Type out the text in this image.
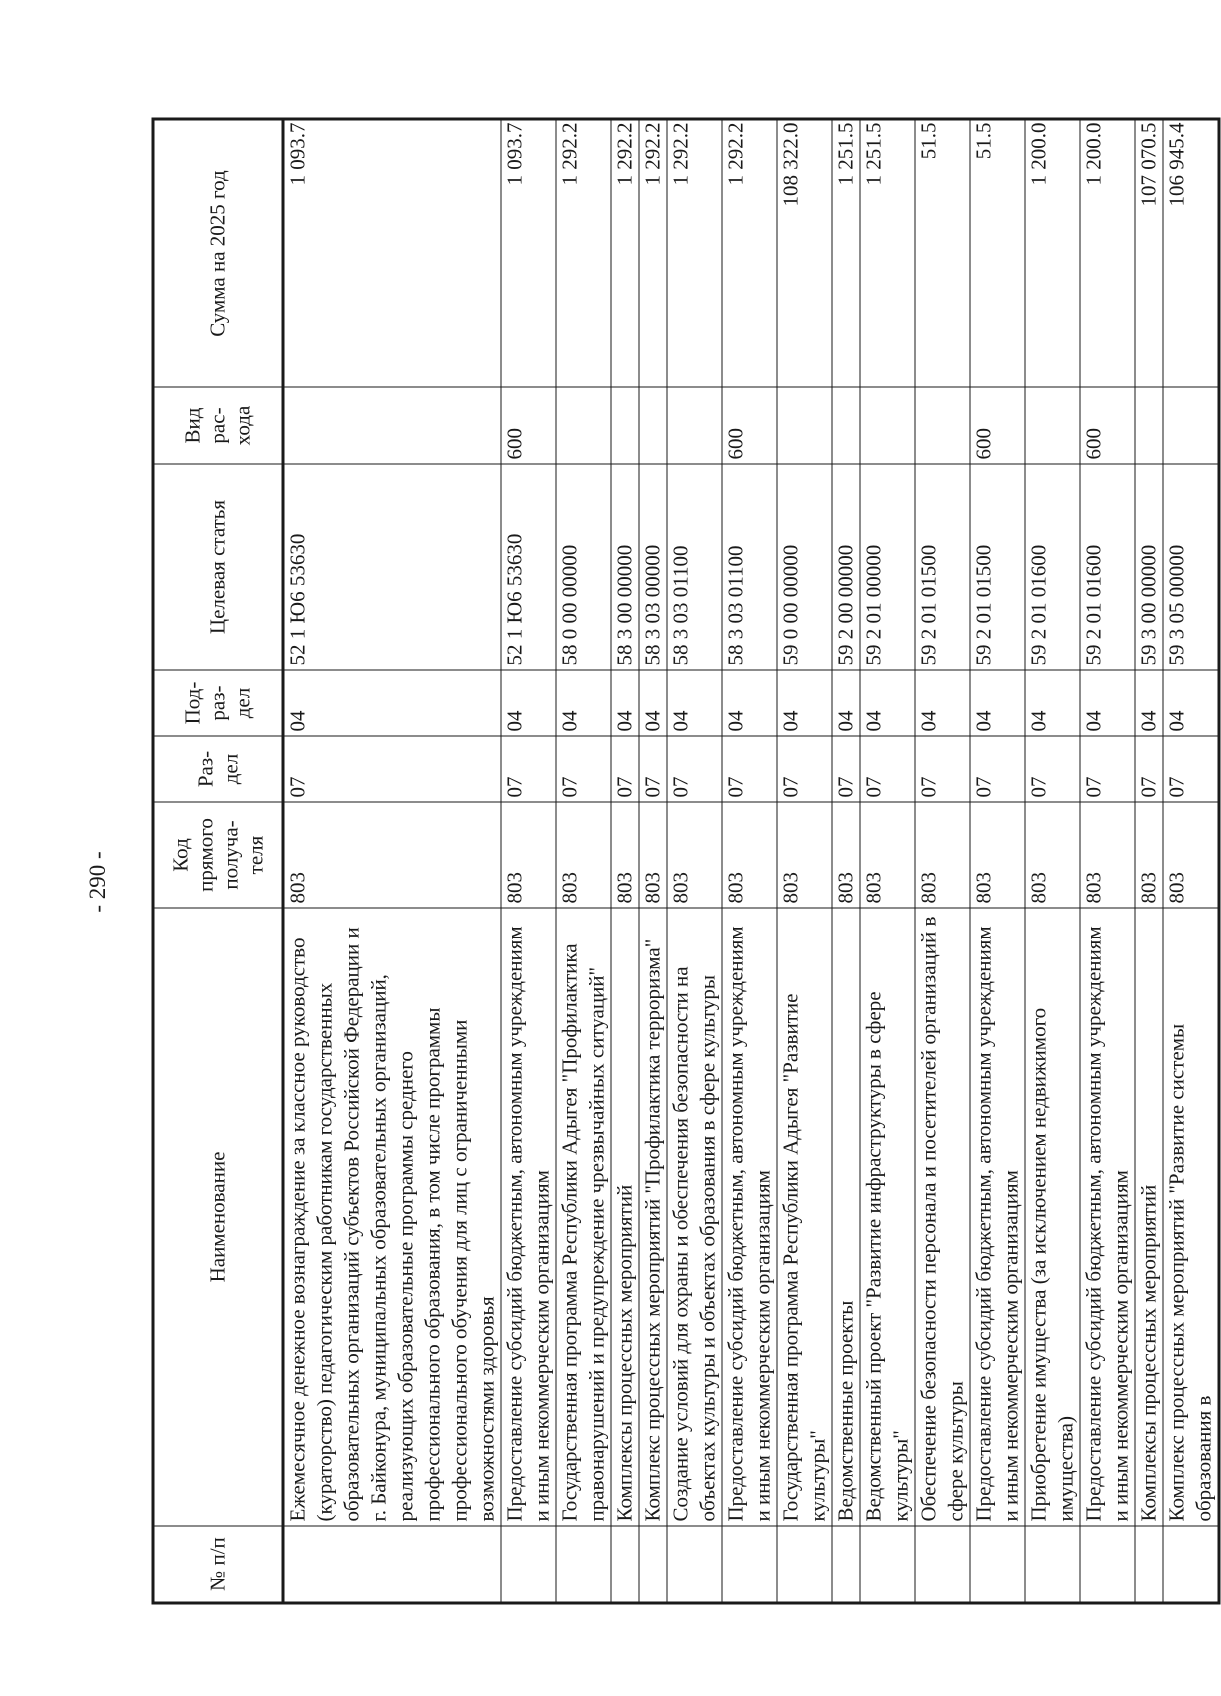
- 290 -
№ п/п	Наименование	Код прямого получа-теля	Раз-дел	Под-раз-дел	Целевая статья	Вид рас-хода	Сумма на 2025 год
	Ежемесячное денежное вознаграждение за классное руководство (кураторство) педагогическим работникам государственных образовательных организаций субъектов Российской Федерации и г. Байконура, муниципальных образовательных организаций, реализующих образовательные программы среднего профессионального образования, в том числе программы профессионального обучения для лиц с ограниченными возможностями здоровья	803	07	04	52 1 Ю6 53630		1 093.7
	Предоставление субсидий бюджетным, автономным учреждениям и иным некоммерческим организациям	803	07	04	52 1 Ю6 53630	600	1 093.7
	Государственная программа Республики Адыгея "Профилактика правонарушений и предупреждение чрезвычайных ситуаций"	803	07	04	58 0 00 00000		1 292.2
	Комплексы процессных мероприятий	803	07	04	58 3 00 00000		1 292.2
	Комплекс процессных мероприятий "Профилактика терроризма"	803	07	04	58 3 03 00000		1 292.2
	Создание условий для охраны и обеспечения безопасности на объектах культуры и объектах образования в сфере культуры	803	07	04	58 3 03 01100		1 292.2
	Предоставление субсидий бюджетным, автономным учреждениям и иным некоммерческим организациям	803	07	04	58 3 03 01100	600	1 292.2
	Государственная программа Республики Адыгея "Развитие культуры"	803	07	04	59 0 00 00000		108 322.0
	Ведомственные проекты	803	07	04	59 2 00 00000		1 251.5
	Ведомственный проект "Развитие инфраструктуры в сфере культуры"	803	07	04	59 2 01 00000		1 251.5
	Обеспечение безопасности персонала и посетителей организаций в сфере культуры	803	07	04	59 2 01 01500		51.5
	Предоставление субсидий бюджетным, автономным учреждениям и иным некоммерческим организациям	803	07	04	59 2 01 01500	600	51.5
	Приобретение имущества (за исключением недвижимого имущества)	803	07	04	59 2 01 01600		1 200.0
	Предоставление субсидий бюджетным, автономным учреждениям и иным некоммерческим организациям	803	07	04	59 2 01 01600	600	1 200.0
	Комплексы процессных мероприятий	803	07	04	59 3 00 00000		107 070.5
	Комплекс процессных мероприятий "Развитие системы образования в	803	07	04	59 3 05 00000		106 945.4
